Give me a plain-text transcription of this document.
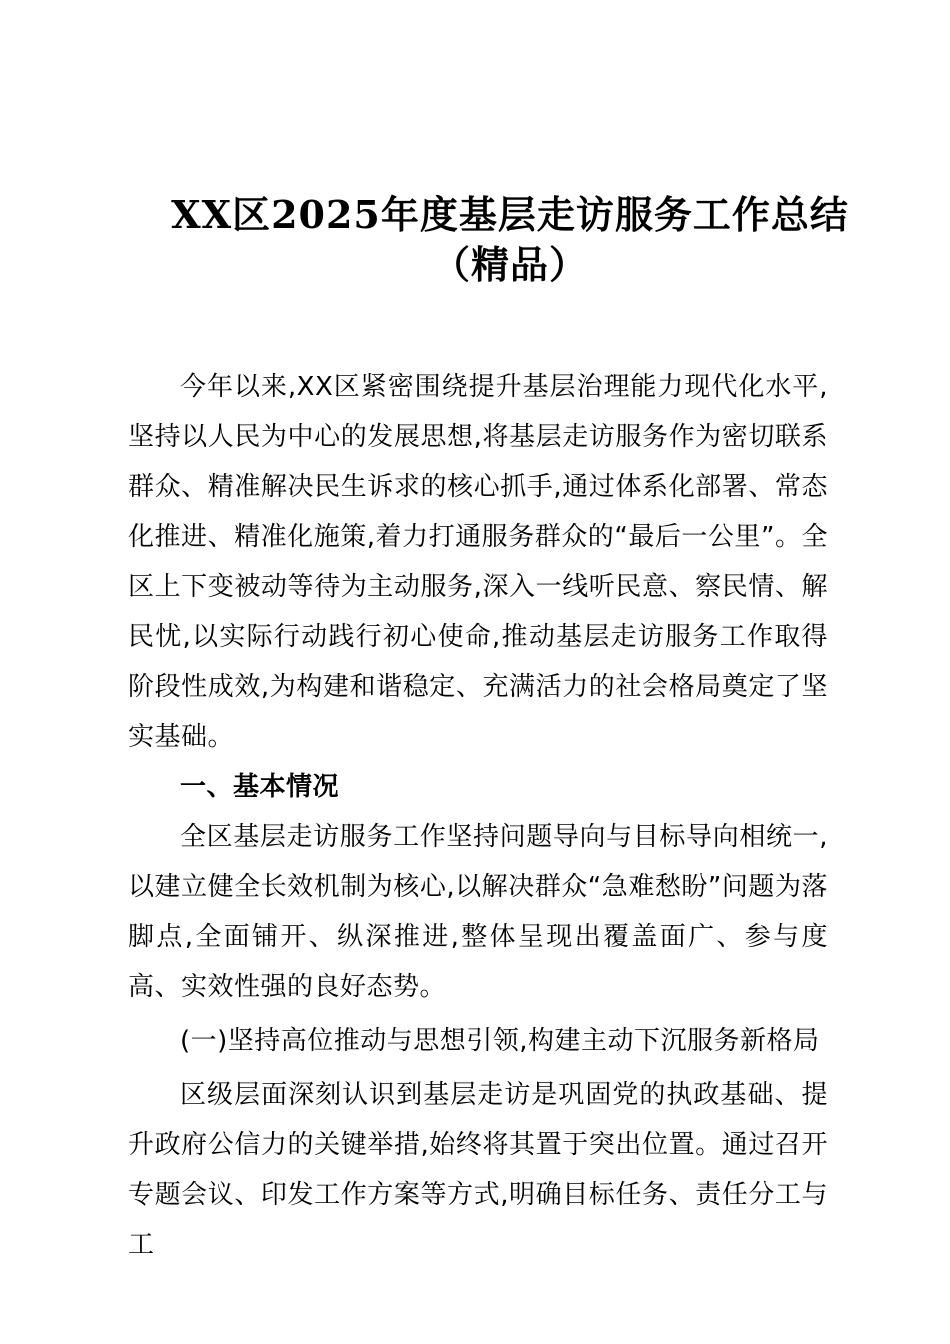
XX区2025年度基层走访服务工作总结
（精品）

今年以来,XX区紧密围绕提升基层治理能力现代化水平,坚持以人民为中心的发展思想,将基层走访服务作为密切联系群众、精准解决民生诉求的核心抓手,通过体系化部署、常态化推进、精准化施策,着力打通服务群众的“最后一公里”。全区上下变被动等待为主动服务,深入一线听民意、察民情、解民忧,以实际行动践行初心使命,推动基层走访服务工作取得阶段性成效,为构建和谐稳定、充满活力的社会格局奠定了坚实基础。

一、基本情况

全区基层走访服务工作坚持问题导向与目标导向相统一,以建立健全长效机制为核心,以解决群众“急难愁盼”问题为落脚点,全面铺开、纵深推进,整体呈现出覆盖面广、参与度高、实效性强的良好态势。

(一)坚持高位推动与思想引领,构建主动下沉服务新格局

区级层面深刻认识到基层走访是巩固党的执政基础、提升政府公信力的关键举措,始终将其置于突出位置。通过召开专题会议、印发工作方案等方式,明确目标任务、责任分工与工
